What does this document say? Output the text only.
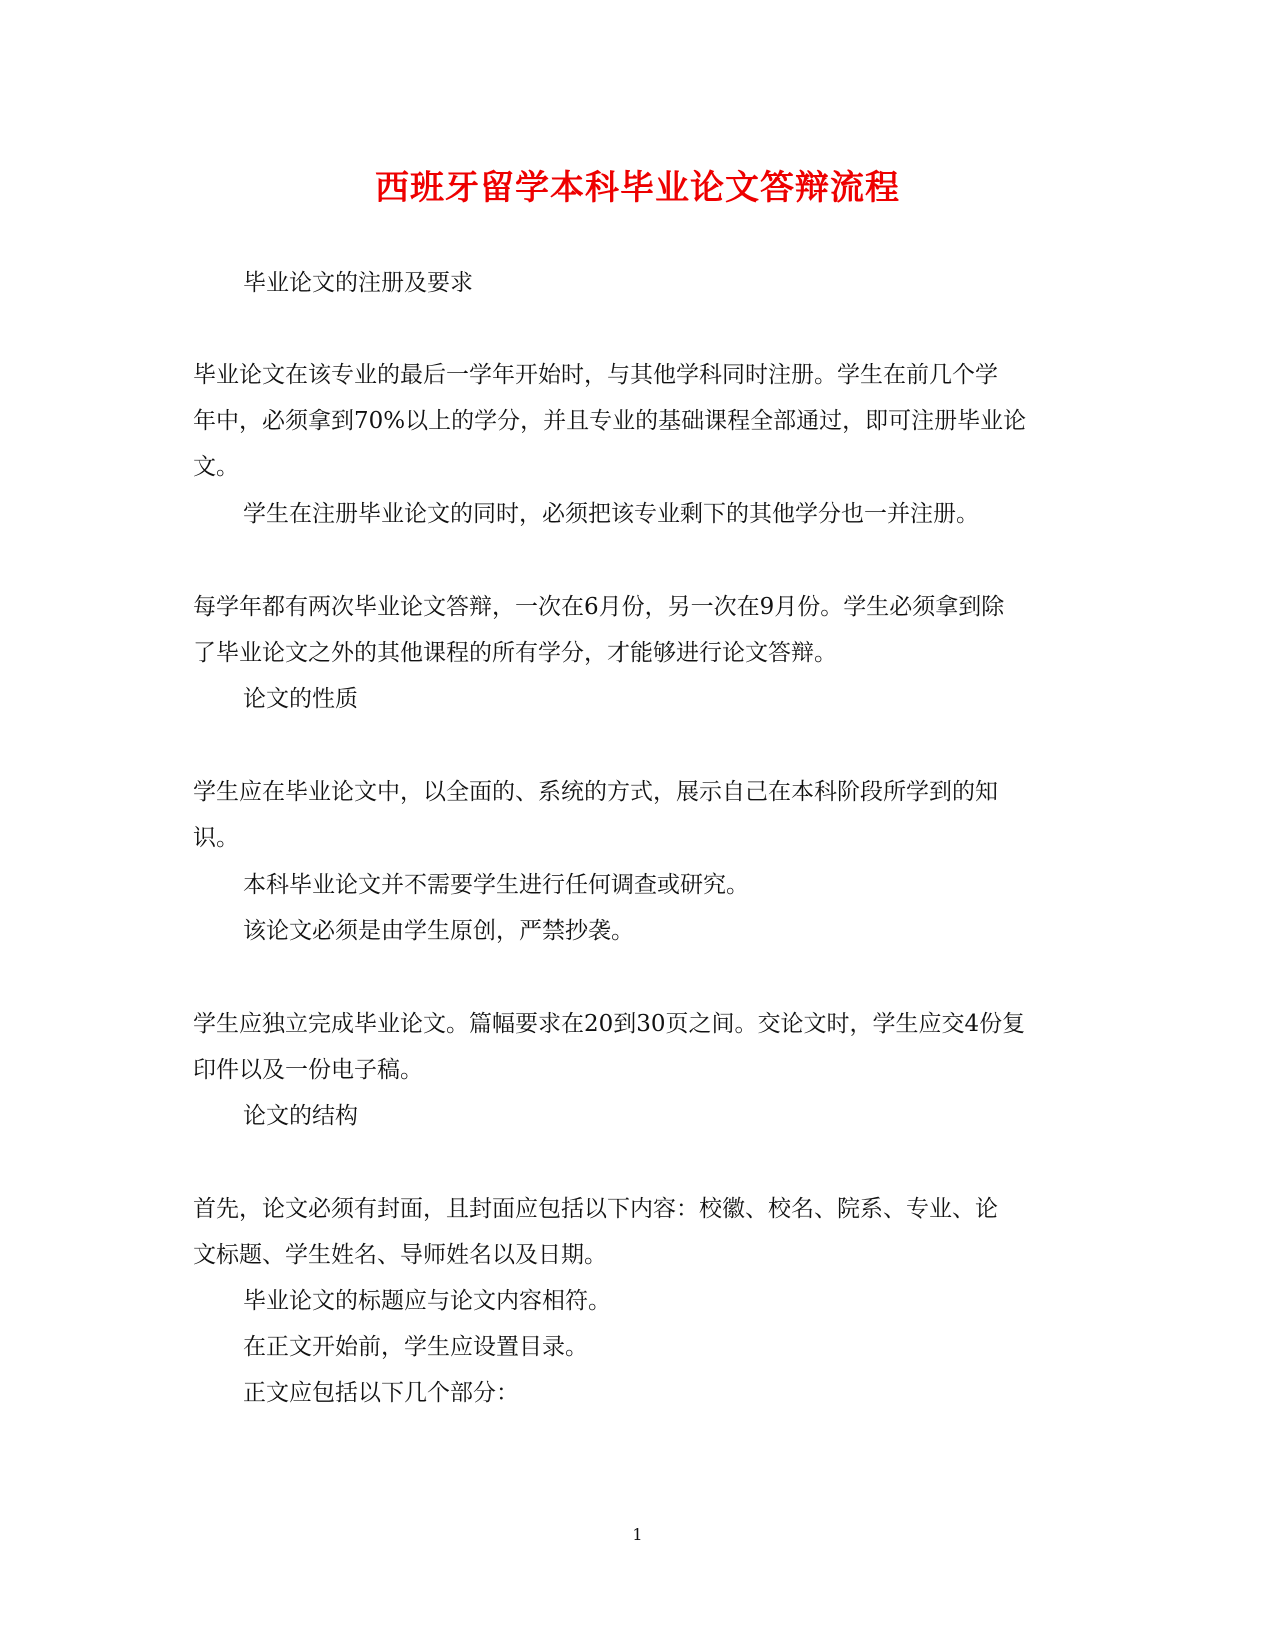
西班牙留学本科毕业论文答辩流程
毕业论文的注册及要求
毕业论文在该专业的最后一学年开始时，与其他学科同时注册。学生在前几个学
年中，必须拿到70%以上的学分，并且专业的基础课程全部通过，即可注册毕业论
文。
学生在注册毕业论文的同时，必须把该专业剩下的其他学分也一并注册。
每学年都有两次毕业论文答辩，一次在6月份，另一次在9月份。学生必须拿到除
了毕业论文之外的其他课程的所有学分，才能够进行论文答辩。
论文的性质
学生应在毕业论文中，以全面的、系统的方式，展示自己在本科阶段所学到的知
识。
本科毕业论文并不需要学生进行任何调查或研究。
该论文必须是由学生原创，严禁抄袭。
学生应独立完成毕业论文。篇幅要求在20到30页之间。交论文时，学生应交4份复
印件以及一份电子稿。
论文的结构
首先，论文必须有封面，且封面应包括以下内容：校徽、校名、院系、专业、论
文标题、学生姓名、导师姓名以及日期。
毕业论文的标题应与论文内容相符。
在正文开始前，学生应设置目录。
正文应包括以下几个部分：
1
